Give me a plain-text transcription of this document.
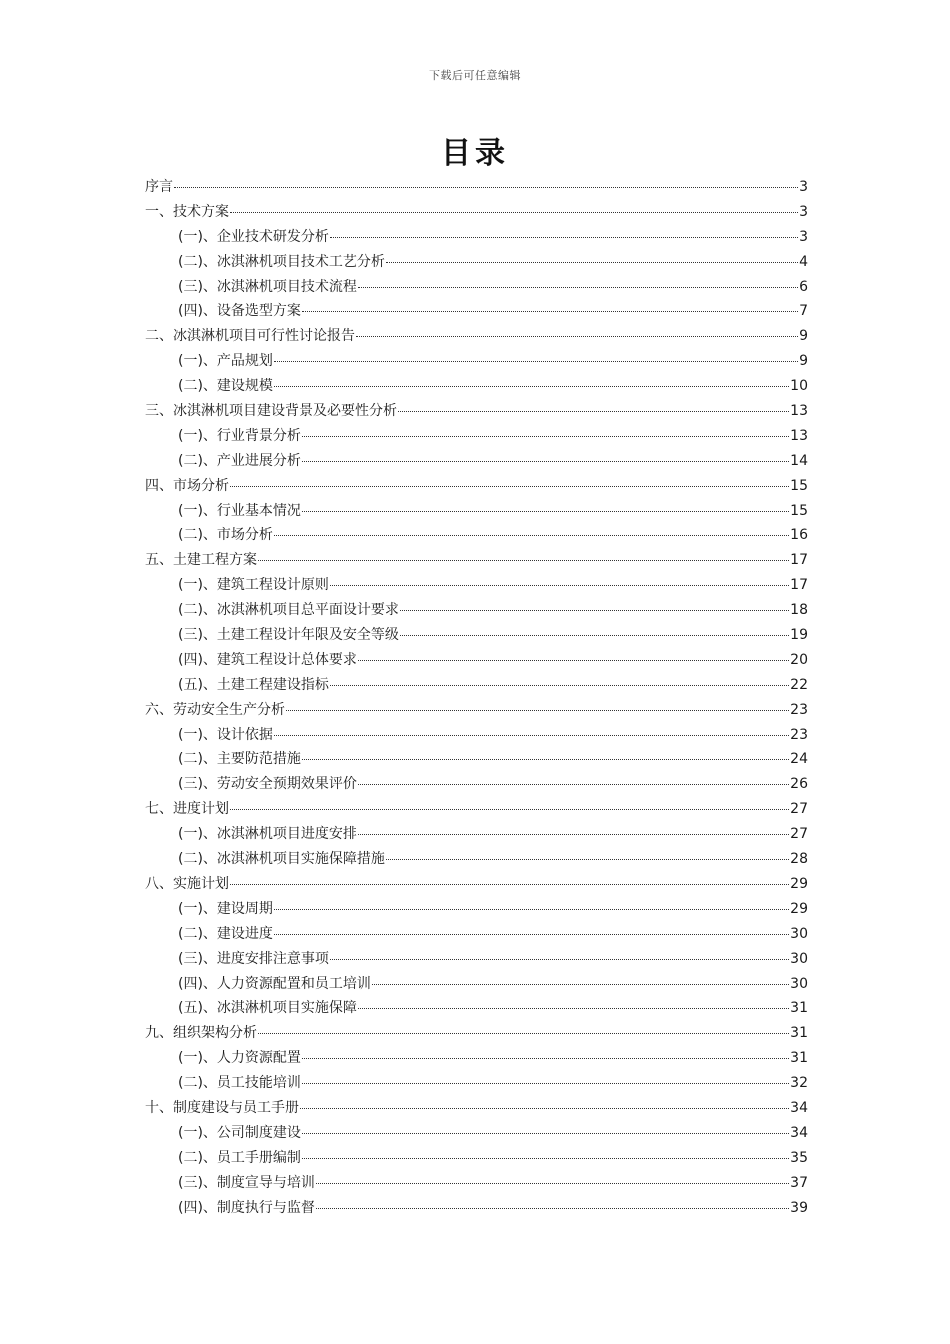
下载后可任意编辑
目录
序言	3
一、技术方案	3
(一)、企业技术研发分析	3
(二)、冰淇淋机项目技术工艺分析	4
(三)、冰淇淋机项目技术流程	6
(四)、设备选型方案	7
二、冰淇淋机项目可行性讨论报告	9
(一)、产品规划	9
(二)、建设规模	10
三、冰淇淋机项目建设背景及必要性分析	13
(一)、行业背景分析	13
(二)、产业进展分析	14
四、市场分析	15
(一)、行业基本情况	15
(二)、市场分析	16
五、土建工程方案	17
(一)、建筑工程设计原则	17
(二)、冰淇淋机项目总平面设计要求	18
(三)、土建工程设计年限及安全等级	19
(四)、建筑工程设计总体要求	20
(五)、土建工程建设指标	22
六、劳动安全生产分析	23
(一)、设计依据	23
(二)、主要防范措施	24
(三)、劳动安全预期效果评价	26
七、进度计划	27
(一)、冰淇淋机项目进度安排	27
(二)、冰淇淋机项目实施保障措施	28
八、实施计划	29
(一)、建设周期	29
(二)、建设进度	30
(三)、进度安排注意事项	30
(四)、人力资源配置和员工培训	30
(五)、冰淇淋机项目实施保障	31
九、组织架构分析	31
(一)、人力资源配置	31
(二)、员工技能培训	32
十、制度建设与员工手册	34
(一)、公司制度建设	34
(二)、员工手册编制	35
(三)、制度宣导与培训	37
(四)、制度执行与监督	39
